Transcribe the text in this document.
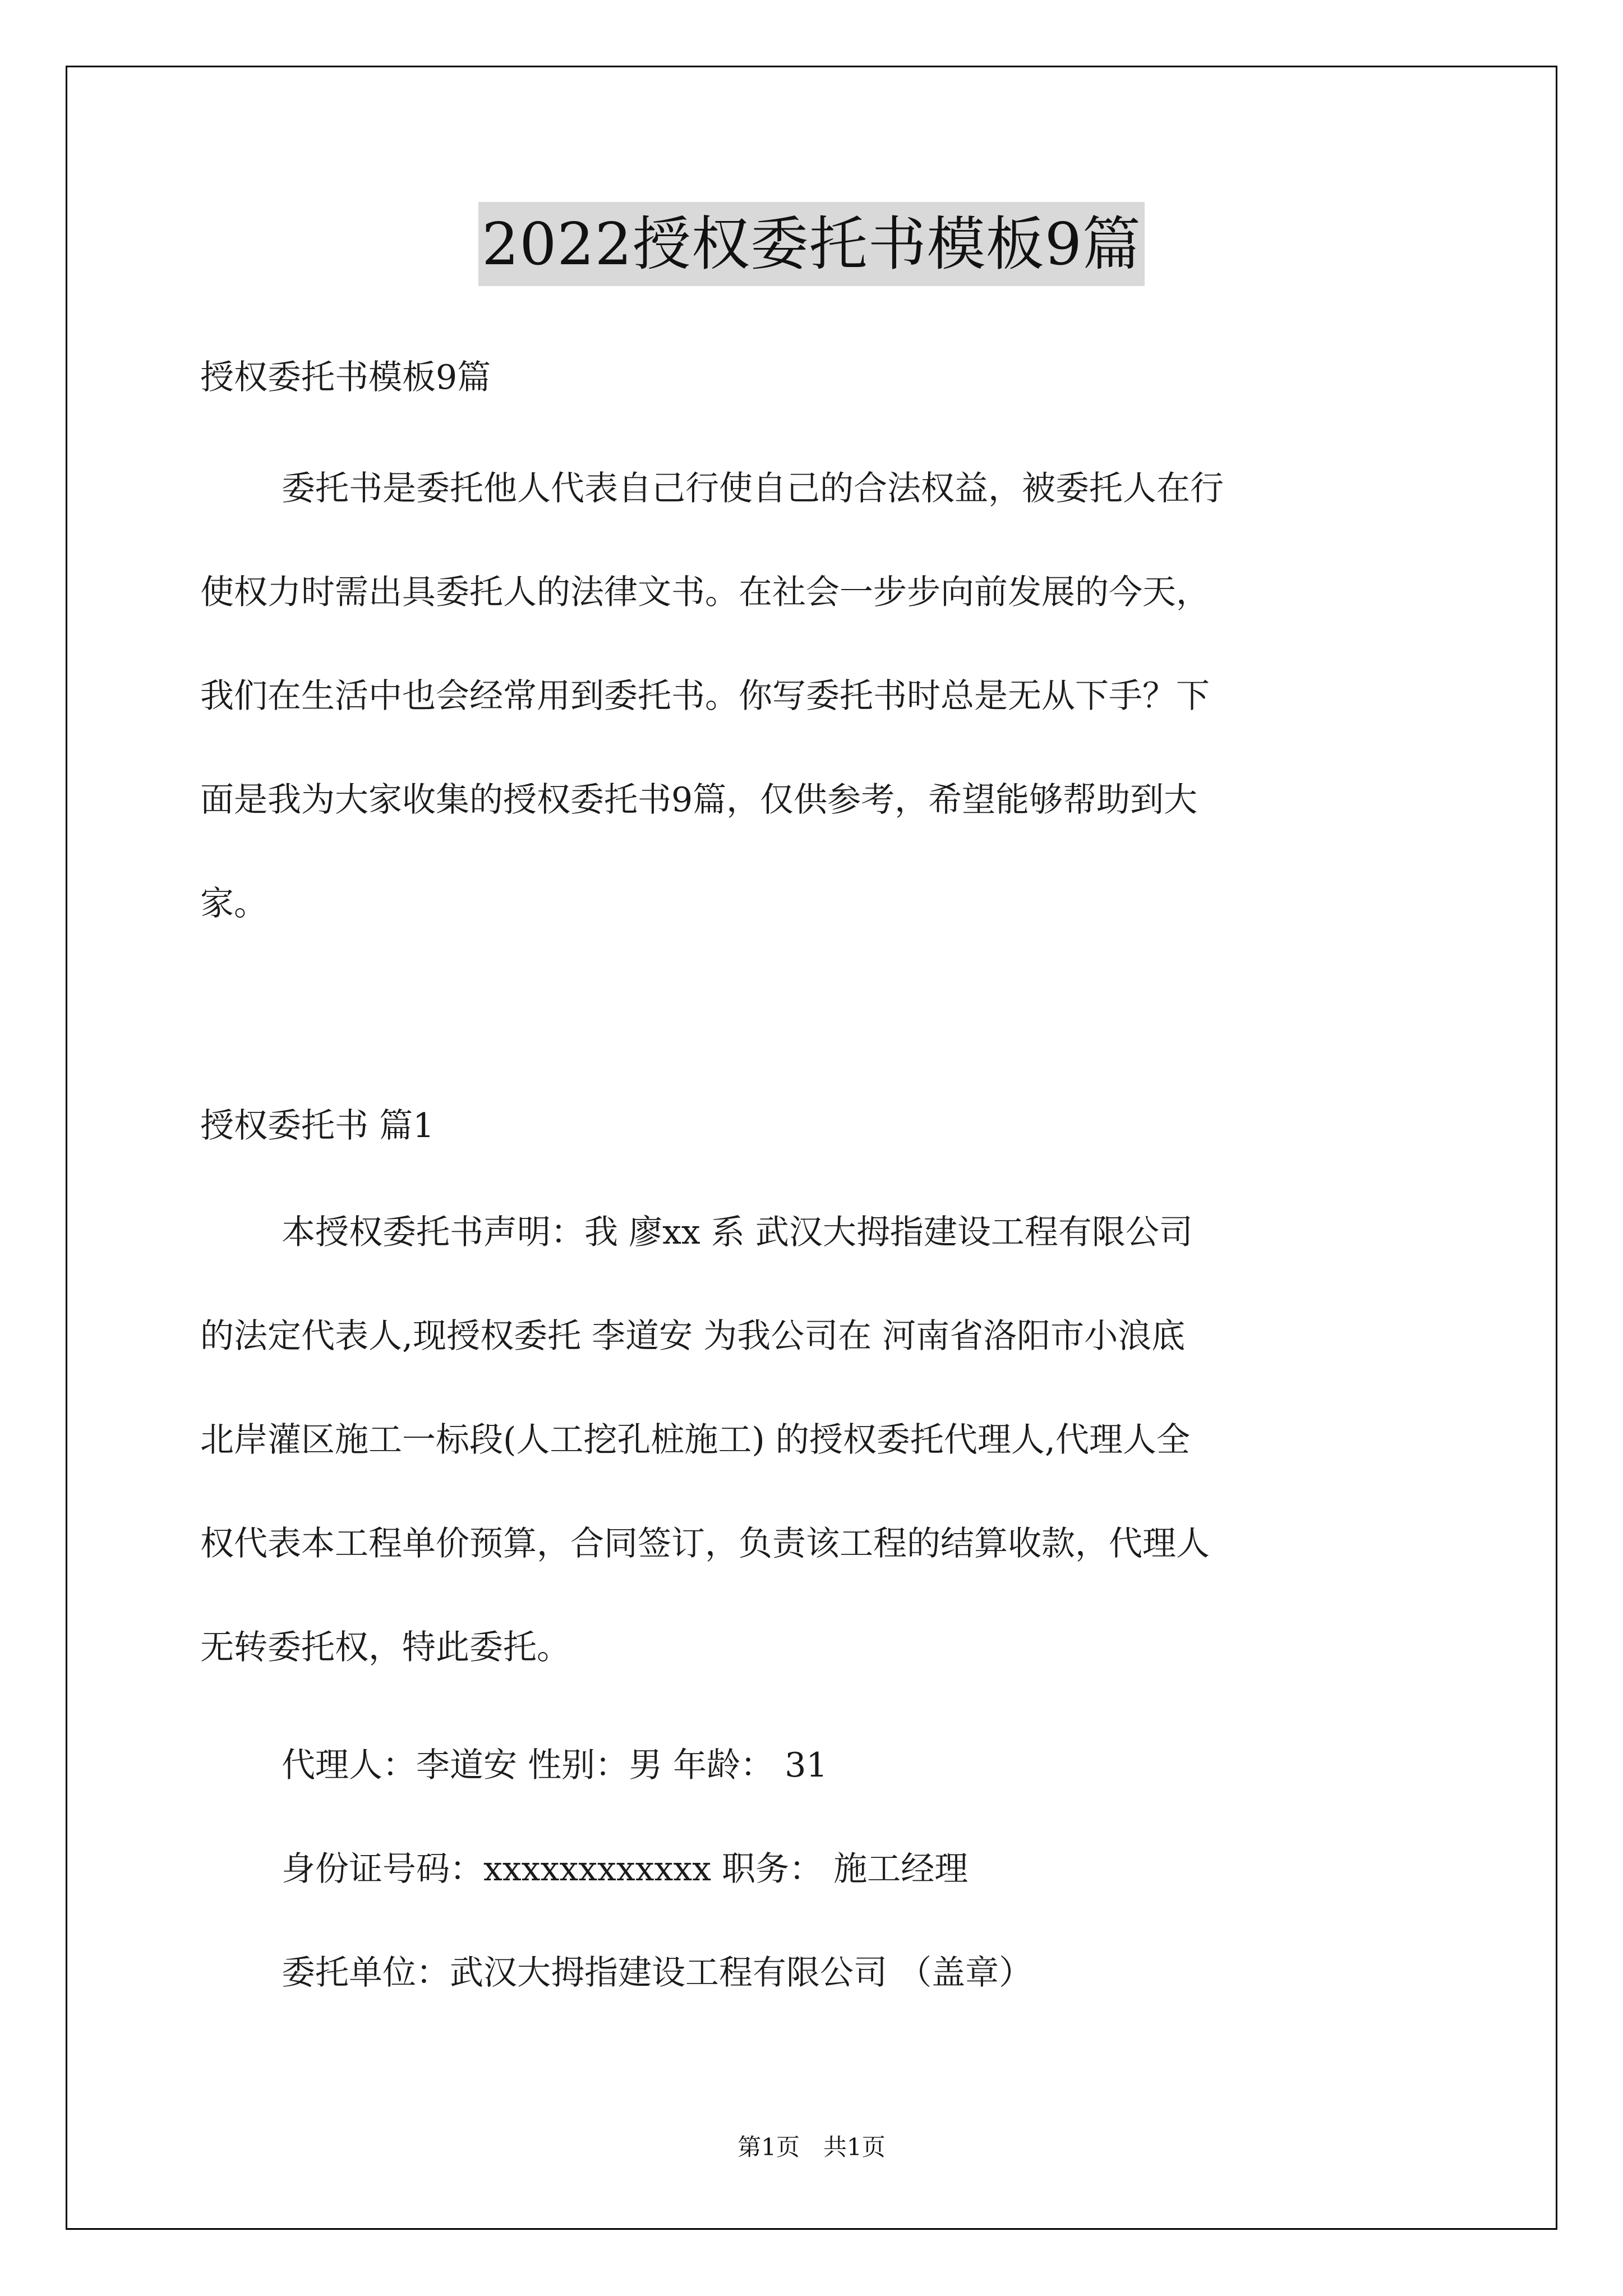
2022授权委托书模板9篇
授权委托书模板9篇
委托书是委托他人代表自己行使自己的合法权益，被委托人在行
使权力时需出具委托人的法律文书。在社会一步步向前发展的今天，
我们在生活中也会经常用到委托书。你写委托书时总是无从下手？下
面是我为大家收集的授权委托书9篇，仅供参考，希望能够帮助到大
家。
授权委托书 篇1
本授权委托书声明：我 廖xx 系 武汉大拇指建设工程有限公司
的法定代表人,现授权委托 李道安 为我公司在 河南省洛阳市小浪底
北岸灌区施工一标段(人工挖孔桩施工) 的授权委托代理人,代理人全
权代表本工程单价预算，合同签订，负责该工程的结算收款，代理人
无转委托权，特此委托。
代理人：李道安 性别：男 年龄： 31
身份证号码：xxxxxxxxxxxx 职务： 施工经理
委托单位：武汉大拇指建设工程有限公司 （盖章）
第1页　共1页
